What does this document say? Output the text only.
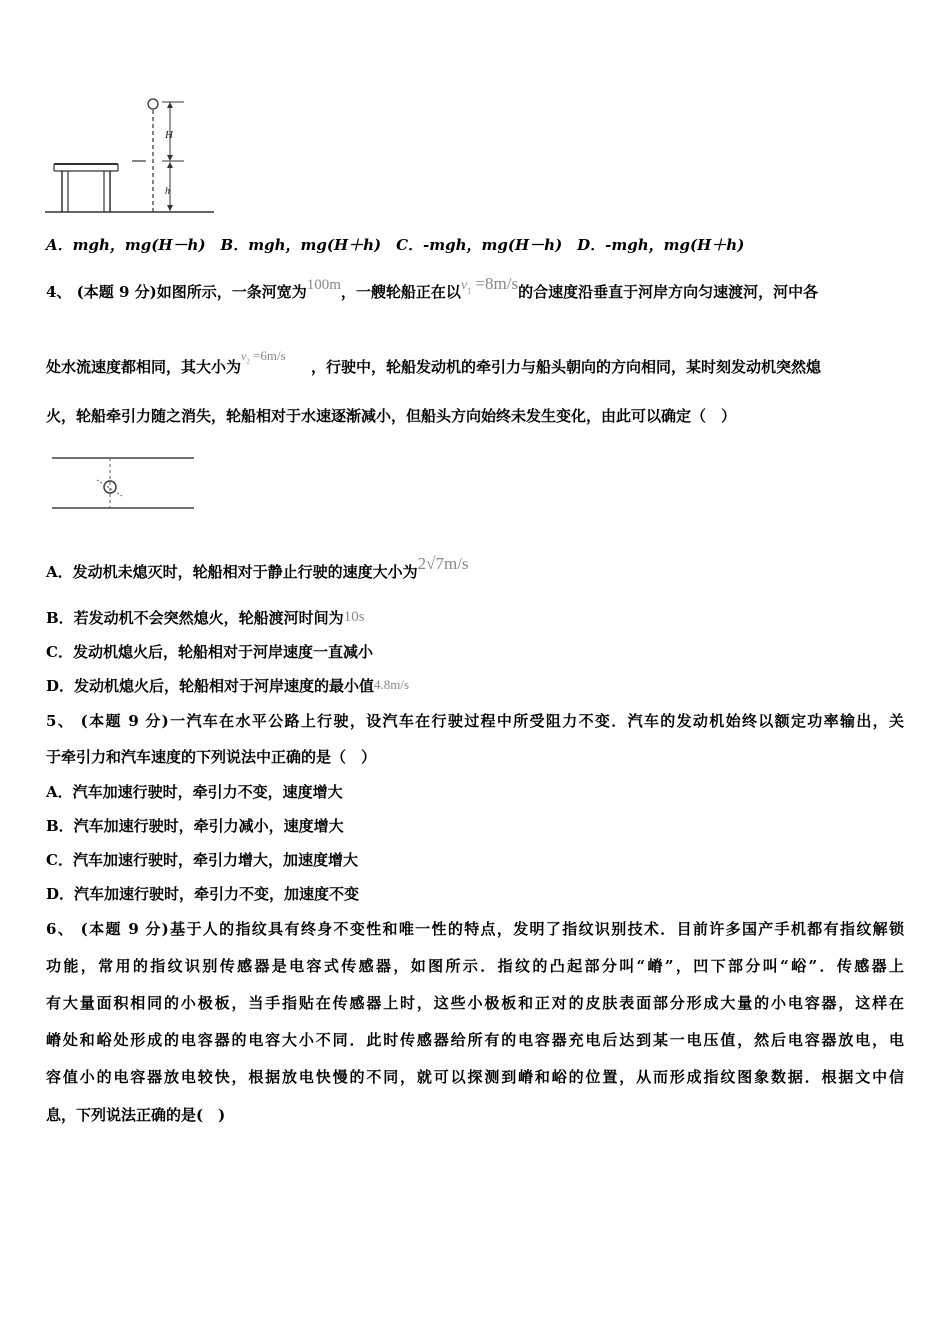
H
h
A．mgh，mg(H－h)　B．mgh，mg(H＋h)　C．-mgh，mg(H－h)　D．-mgh，mg(H＋h)
4、 (本题 9 分)如图所示，一条河宽为100m，一艘轮船正在以$v_1 =8m/s$的合速度沿垂直于河岸方向匀速渡河，河中各
处水流速度都相同，其大小为$v_2 =6m/s$，行驶中，轮船发动机的牵引力与船头朝向的方向相同，某时刻发动机突然熄
火，轮船牵引力随之消失，轮船相对于水速逐渐减小，但船头方向始终未发生变化，由此可以确定（　）
A．发动机未熄灭时，轮船相对于静止行驶的速度大小为2√7m/s
B．若发动机不会突然熄火，轮船渡河时间为10s
C．发动机熄火后，轮船相对于河岸速度一直减小
D．发动机熄火后，轮船相对于河岸速度的最小值4.8m/s
5、 (本题 9 分)一汽车在水平公路上行驶，设汽车在行驶过程中所受阻力不变．汽车的发动机始终以额定功率输出，关
于牵引力和汽车速度的下列说法中正确的是（　）
A．汽车加速行驶时，牵引力不变，速度增大
B．汽车加速行驶时，牵引力减小，速度增大
C．汽车加速行驶时，牵引力增大，加速度增大
D．汽车加速行驶时，牵引力不变，加速度不变
6、 (本题 9 分)基于人的指纹具有终身不变性和唯一性的特点，发明了指纹识别技术．目前许多国产手机都有指纹解锁
功能，常用的指纹识别传感器是电容式传感器，如图所示．指纹的凸起部分叫“嵴”，凹下部分叫“峪”．传感器上
有大量面积相同的小极板，当手指贴在传感器上时，这些小极板和正对的皮肤表面部分形成大量的小电容器，这样在
嵴处和峪处形成的电容器的电容大小不同．此时传感器给所有的电容器充电后达到某一电压值，然后电容器放电，电
容值小的电容器放电较快，根据放电快慢的不同，就可以探测到嵴和峪的位置，从而形成指纹图象数据．根据文中信
息，下列说法正确的是(　)
